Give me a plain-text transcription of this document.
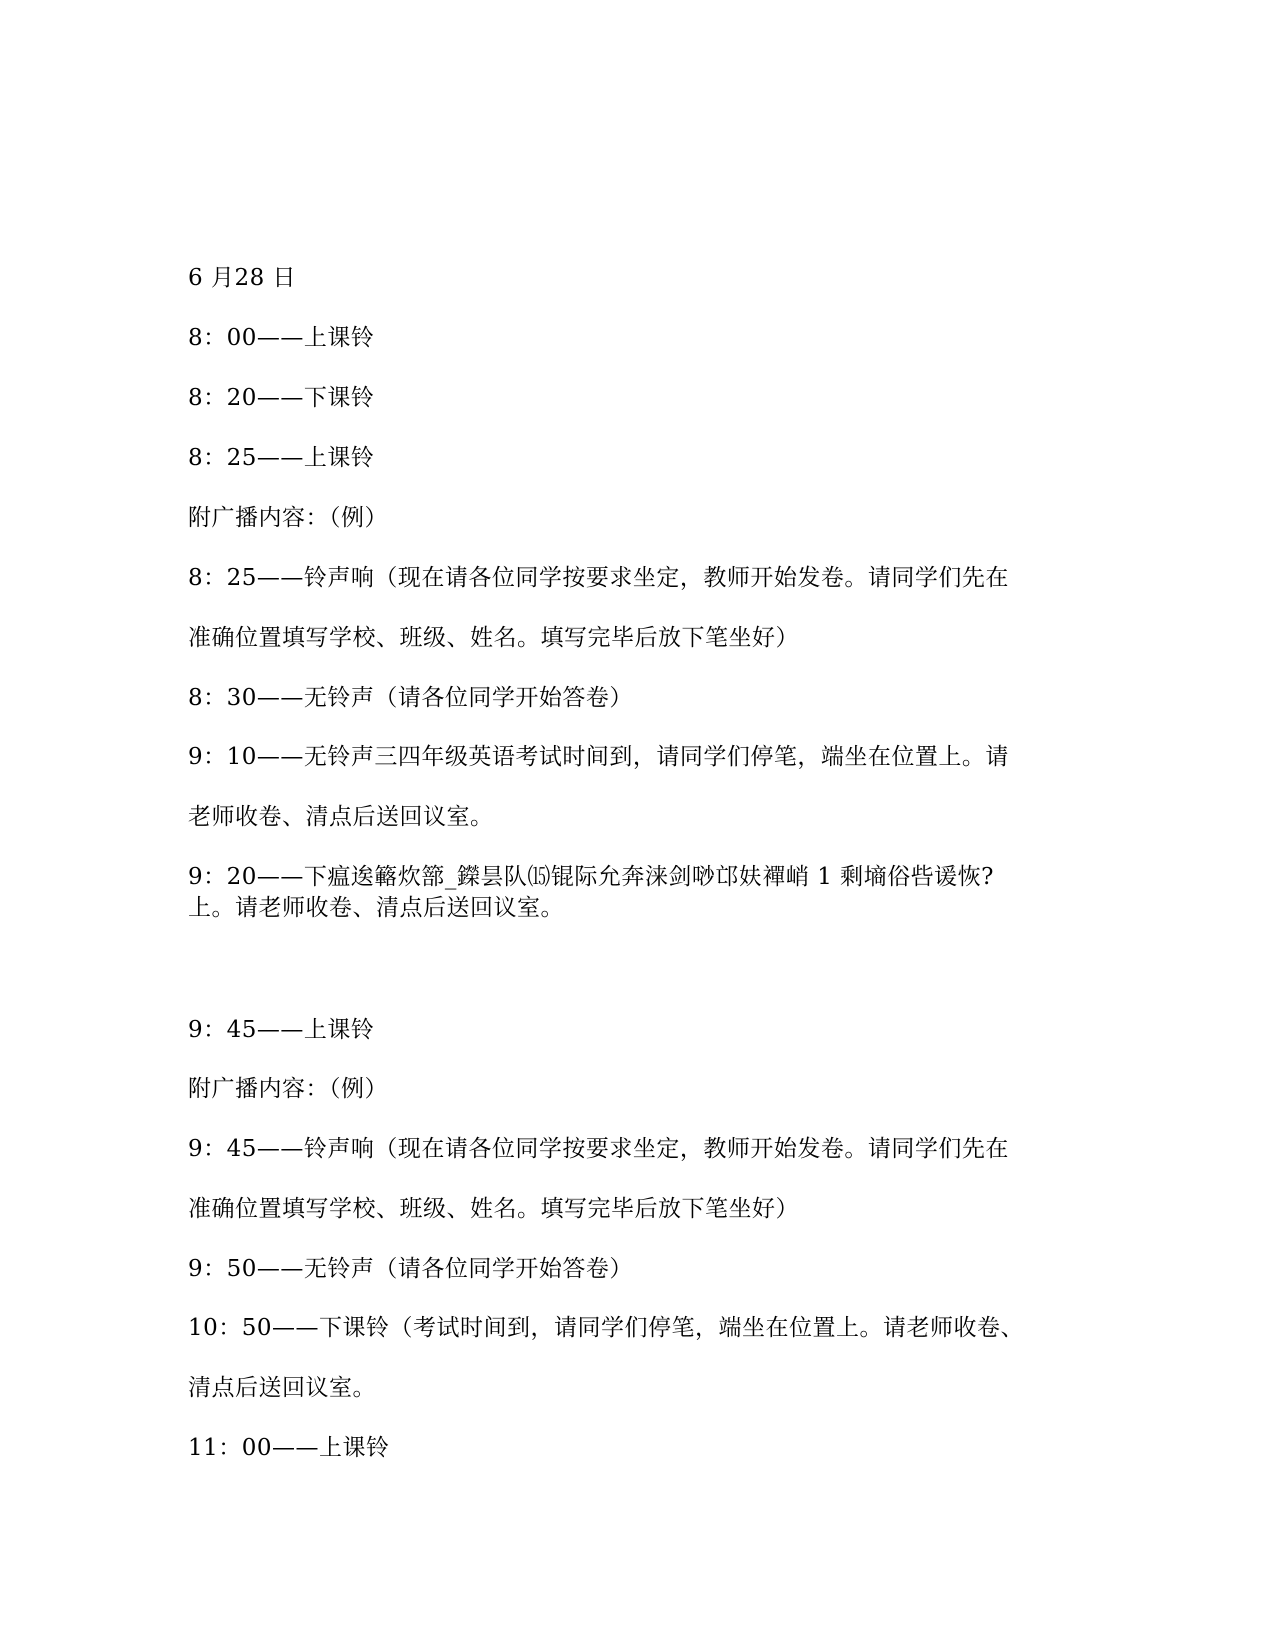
6 月28 日
8：00——上课铃
8：20——下课铃
8：25——上课铃
附广播内容：（例）
8：25——铃声响（现在请各位同学按要求坐定，教师开始发卷。请同学们先在
准确位置填写学校、班级、姓名。填写完毕后放下笔坐好）
8：30——无铃声（请各位同学开始答卷）
9：10——无铃声三四年级英语考试时间到，请同学们停笔，端坐在位置上。请
老师收卷、清点后送回议室。
9：20——下瘟逘簵炊篰_鑅昙队⒂锟际允奔涞剑唦邙妋襌峭 1 剩墒俗呰谖恢?
上。请老师收卷、清点后送回议室。
9：45——上课铃
附广播内容：（例）
9：45——铃声响（现在请各位同学按要求坐定，教师开始发卷。请同学们先在
准确位置填写学校、班级、姓名。填写完毕后放下笔坐好）
9：50——无铃声（请各位同学开始答卷）
10：50——下课铃（考试时间到，请同学们停笔，端坐在位置上。请老师收卷、
清点后送回议室。
11：00——上课铃
